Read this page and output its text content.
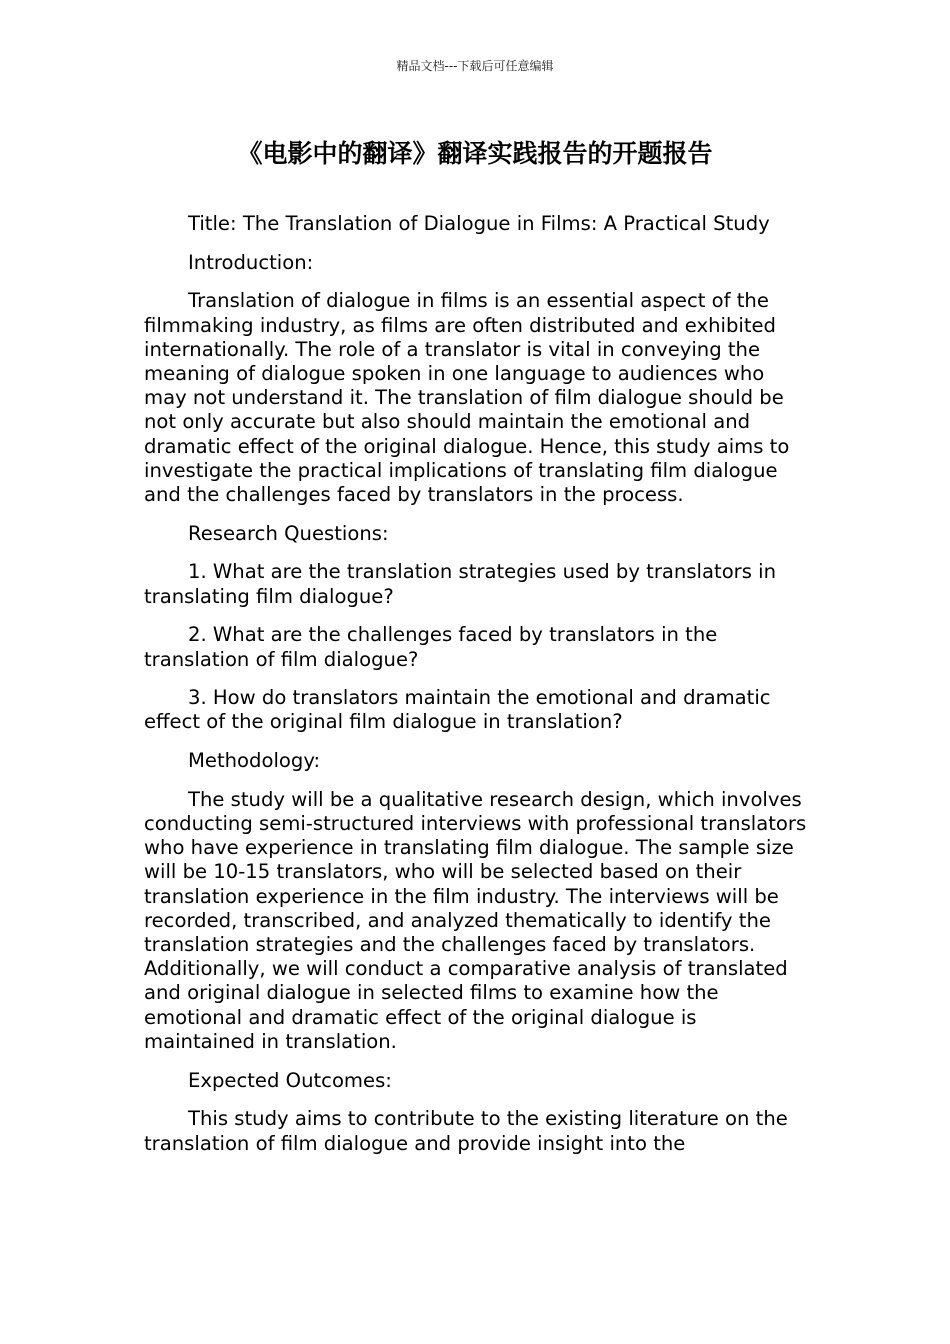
精品文档---下载后可任意编辑
《电影中的翻译》翻译实践报告的开题报告

Title: The Translation of Dialogue in Films: A Practical Study

Introduction:

Translation of dialogue in films is an essential aspect of the filmmaking industry, as films are often distributed and exhibited internationally. The role of a translator is vital in conveying the meaning of dialogue spoken in one language to audiences who may not understand it. The translation of film dialogue should be not only accurate but also should maintain the emotional and dramatic effect of the original dialogue. Hence, this study aims to investigate the practical implications of translating film dialogue and the challenges faced by translators in the process.

Research Questions:

1. What are the translation strategies used by translators in translating film dialogue?

2. What are the challenges faced by translators in the translation of film dialogue?

3. How do translators maintain the emotional and dramatic effect of the original film dialogue in translation?

Methodology:

The study will be a qualitative research design, which involves conducting semi-structured interviews with professional translators who have experience in translating film dialogue. The sample size will be 10-15 translators, who will be selected based on their translation experience in the film industry. The interviews will be recorded, transcribed, and analyzed thematically to identify the translation strategies and the challenges faced by translators. Additionally, we will conduct a comparative analysis of translated and original dialogue in selected films to examine how the emotional and dramatic effect of the original dialogue is maintained in translation.

Expected Outcomes:

This study aims to contribute to the existing literature on the translation of film dialogue and provide insight into the
